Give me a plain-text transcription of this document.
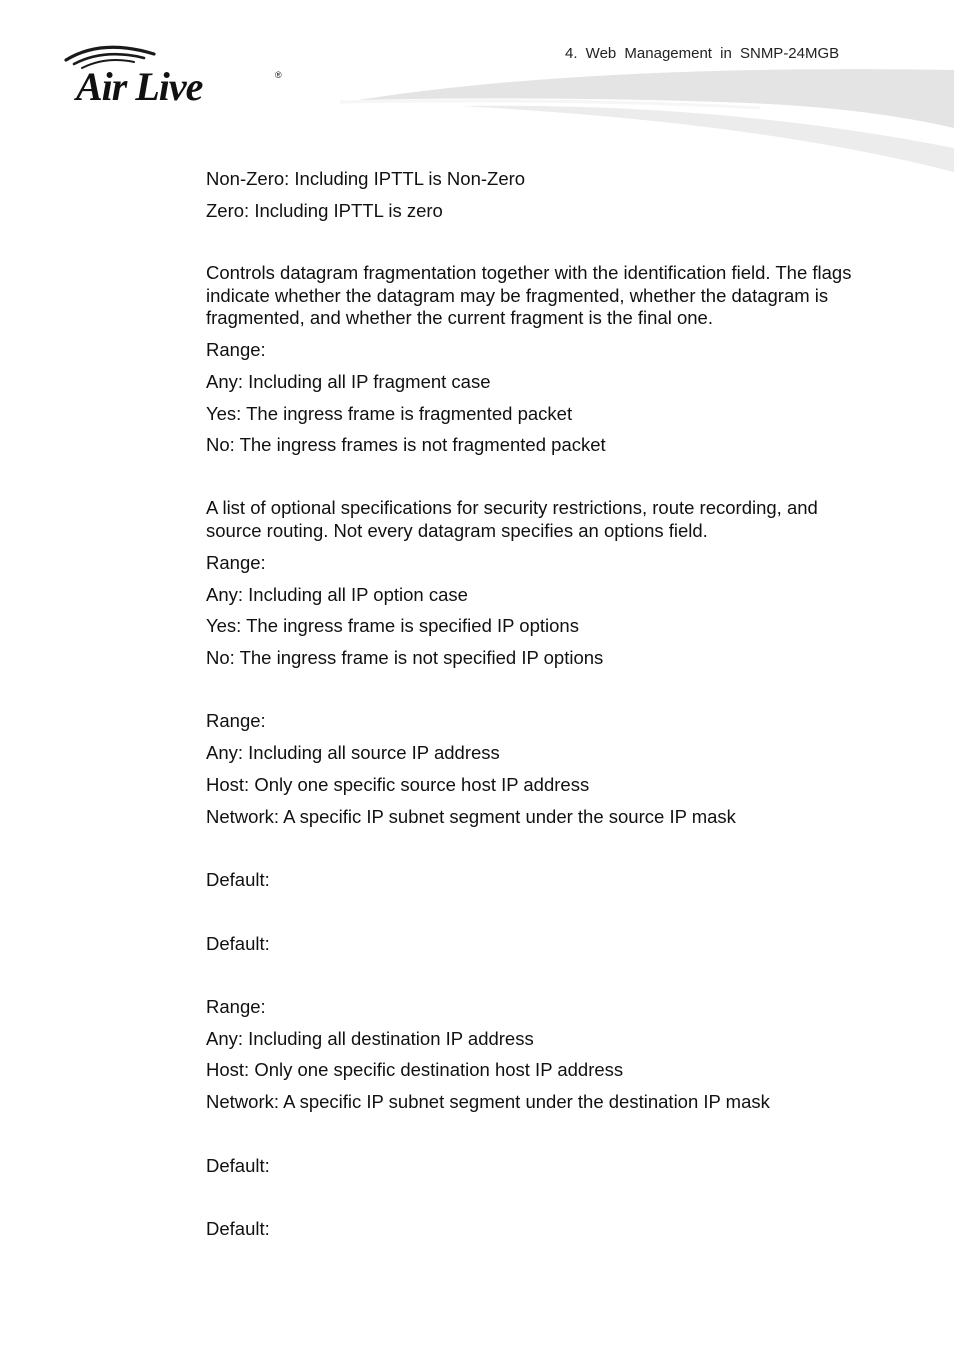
Air Live	®
4. Web Management in SNMP-24MGB
Non-Zero: Including IPTTL is Non-Zero
Zero: Including IPTTL is zero
Controls datagram fragmentation together with the identification field. The flags indicate whether the datagram may be fragmented, whether the datagram is fragmented, and whether the current fragment is the final one.
Range:
Any: Including all IP fragment case
Yes: The ingress frame is fragmented packet
No: The ingress frames is not fragmented packet
A list of optional specifications for security restrictions, route recording, and source routing. Not every datagram specifies an options field.
Range:
Any: Including all IP option case
Yes: The ingress frame is specified IP options
No: The ingress frame is not specified IP options
Range:
Any: Including all source IP address
Host: Only one specific source host IP address
Network: A specific IP subnet segment under the source IP mask
Default:
Default:
Range:
Any: Including all destination IP address
Host: Only one specific destination host IP address
Network: A specific IP subnet segment under the destination IP mask
Default:
Default:
